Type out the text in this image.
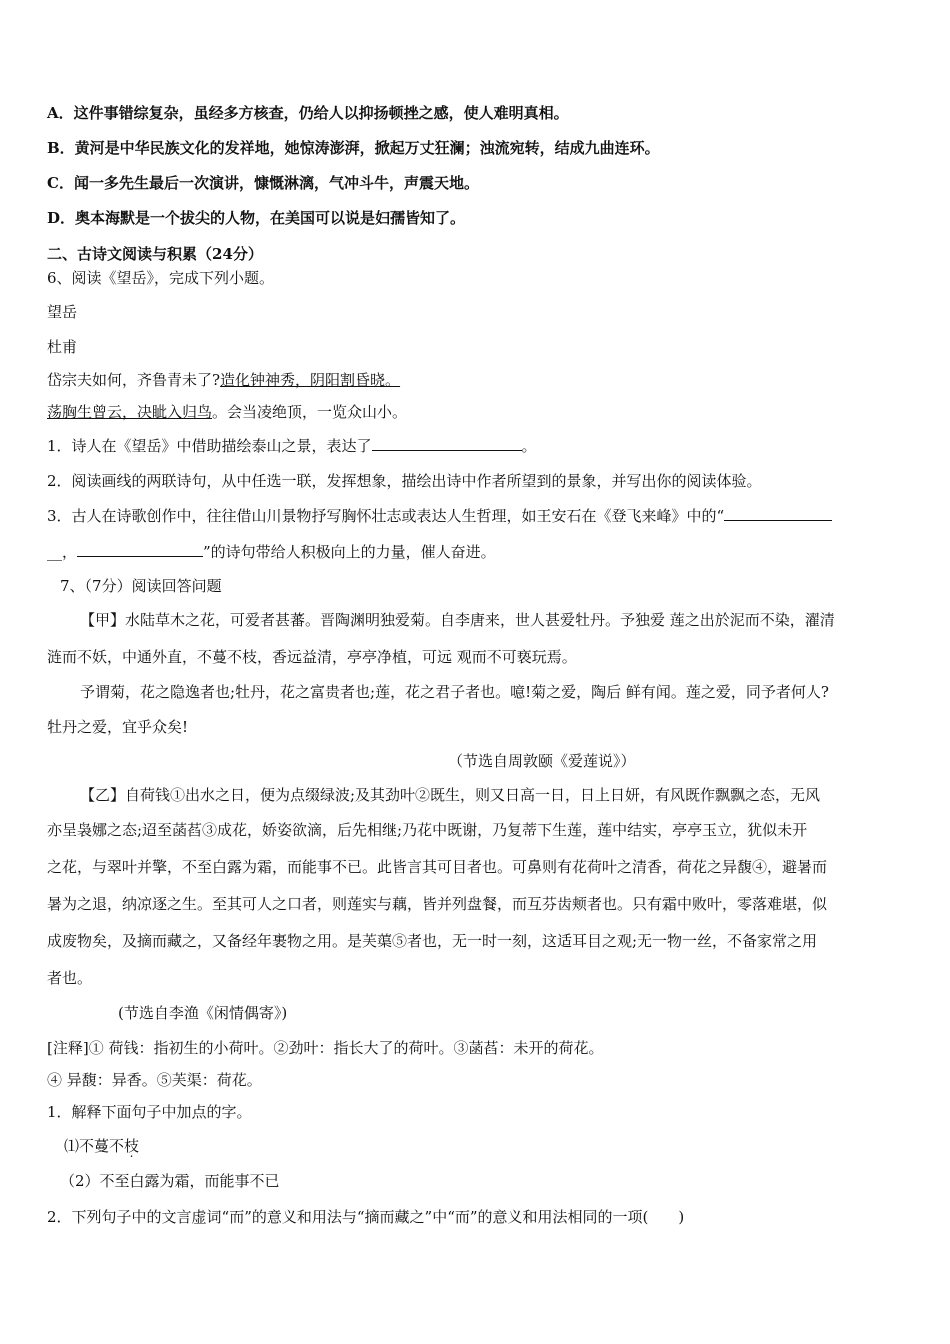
A．这件事错综复杂，虽经多方核查，仍给人以抑扬顿挫之感，使人难明真相。
B．黄河是中华民族文化的发祥地，她惊涛澎湃，掀起万丈狂澜；浊流宛转，结成九曲连环。
C．闻一多先生最后一次演讲，慷慨淋漓，气冲斗牛，声震天地。
D．奥本海默是一个拔尖的人物，在美国可以说是妇孺皆知了。
二、古诗文阅读与积累（24分）
6、阅读《望岳》，完成下列小题。
望岳
杜甫
岱宗夫如何，齐鲁青未了?造化钟神秀，阴阳割昏晓。
荡胸生曾云，决眦入归鸟。会当凌绝顶，一览众山小。
1．诗人在《望岳》中借助描绘泰山之景，表达了	。
2．阅读画线的两联诗句，从中任选一联，发挥想象，描绘出诗中作者所望到的景象，并写出你的阅读体验。
3．古人在诗歌创作中，往往借山川景物抒写胸怀壮志或表达人生哲理，如王安石在《登飞来峰》中的“
__，	”的诗句带给人积极向上的力量，催人奋进。
7、（7分）阅读回答问题
【甲】水陆草木之花，可爱者甚蕃。晋陶渊明独爱菊。自李唐来，世人甚爱牡丹。予独爱 莲之出於泥而不染，濯清
涟而不妖，中通外直，不蔓不枝，香远益清，亭亭净植，可远 观而不可亵玩焉。
予谓菊，花之隐逸者也;牡丹，花之富贵者也;莲，花之君子者也。噫!菊之爱，陶后 鲜有闻。莲之爱，同予者何人?
牡丹之爱，宜乎众矣!
（节选自周敦颐《爱莲说》）
【乙】自荷钱①出水之日，便为点缀绿波;及其劲叶②既生，则又日高一日，日上日妍，有风既作飘飘之态，无风
亦呈袅娜之态;迢至菡萏③成花，娇姿欲滴，后先相继;乃花中既谢，乃复蒂下生莲，莲中结实，亭亭玉立，犹似未开
之花，与翠叶并擎，不至白露为霜，而能事不已。此皆言其可目者也。可鼻则有花荷叶之清香，荷花之异馥④，避暑而
暑为之退，纳凉逐之生。至其可人之口者，则莲实与藕，皆并列盘餐，而互芬齿颊者也。只有霜中败叶，零落难堪，似
成废物矣，及摘而藏之，又备经年裹物之用。是芙蕖⑤者也，无一时一刻，这适耳目之观;无一物一丝，不备家常之用
者也。
(节选自李渔《闲情偶寄》)
[注释]① 荷钱：指初生的小荷叶。②劲叶：指长大了的荷叶。③菡萏：未开的荷花。
④ 异馥：异香。⑤芙渠：荷花。
1．解释下面句子中加点的字。
⑴不蔓不枝
（2）不至白露为霜，而能事不已
2．下列句子中的文言虚词“而”的意义和用法与“摘而藏之”中“而”的意义和用法相同的一项(　　)
